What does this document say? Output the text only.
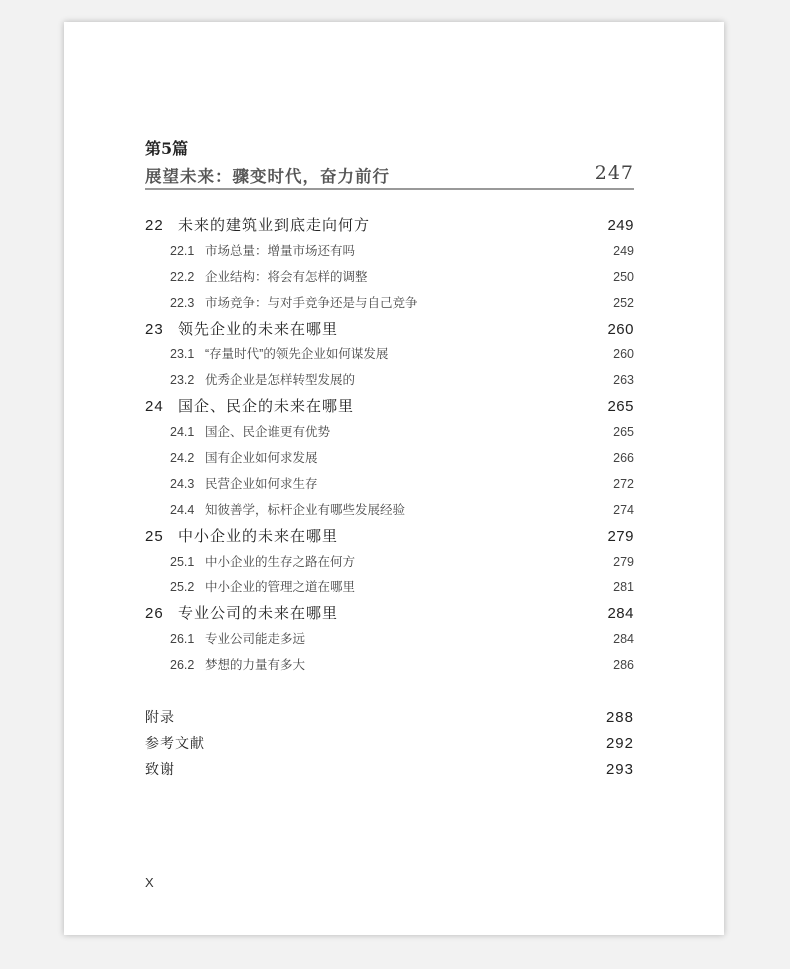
第5篇
展望未来：骤变时代，奋力前行	247
22 未来的建筑业到底走向何方	249
22.1 市场总量：增量市场还有吗	249
22.2 企业结构：将会有怎样的调整	250
22.3 市场竞争：与对手竞争还是与自己竞争	252
23 领先企业的未来在哪里	260
23.1 “存量时代”的领先企业如何谋发展	260
23.2 优秀企业是怎样转型发展的	263
24 国企、民企的未来在哪里	265
24.1 国企、民企谁更有优势	265
24.2 国有企业如何求发展	266
24.3 民营企业如何求生存	272
24.4 知彼善学，标杆企业有哪些发展经验	274
25 中小企业的未来在哪里	279
25.1 中小企业的生存之路在何方	279
25.2 中小企业的管理之道在哪里	281
26 专业公司的未来在哪里	284
26.1 专业公司能走多远	284
26.2 梦想的力量有多大	286
附录	288
参考文献	292
致谢	293
X
